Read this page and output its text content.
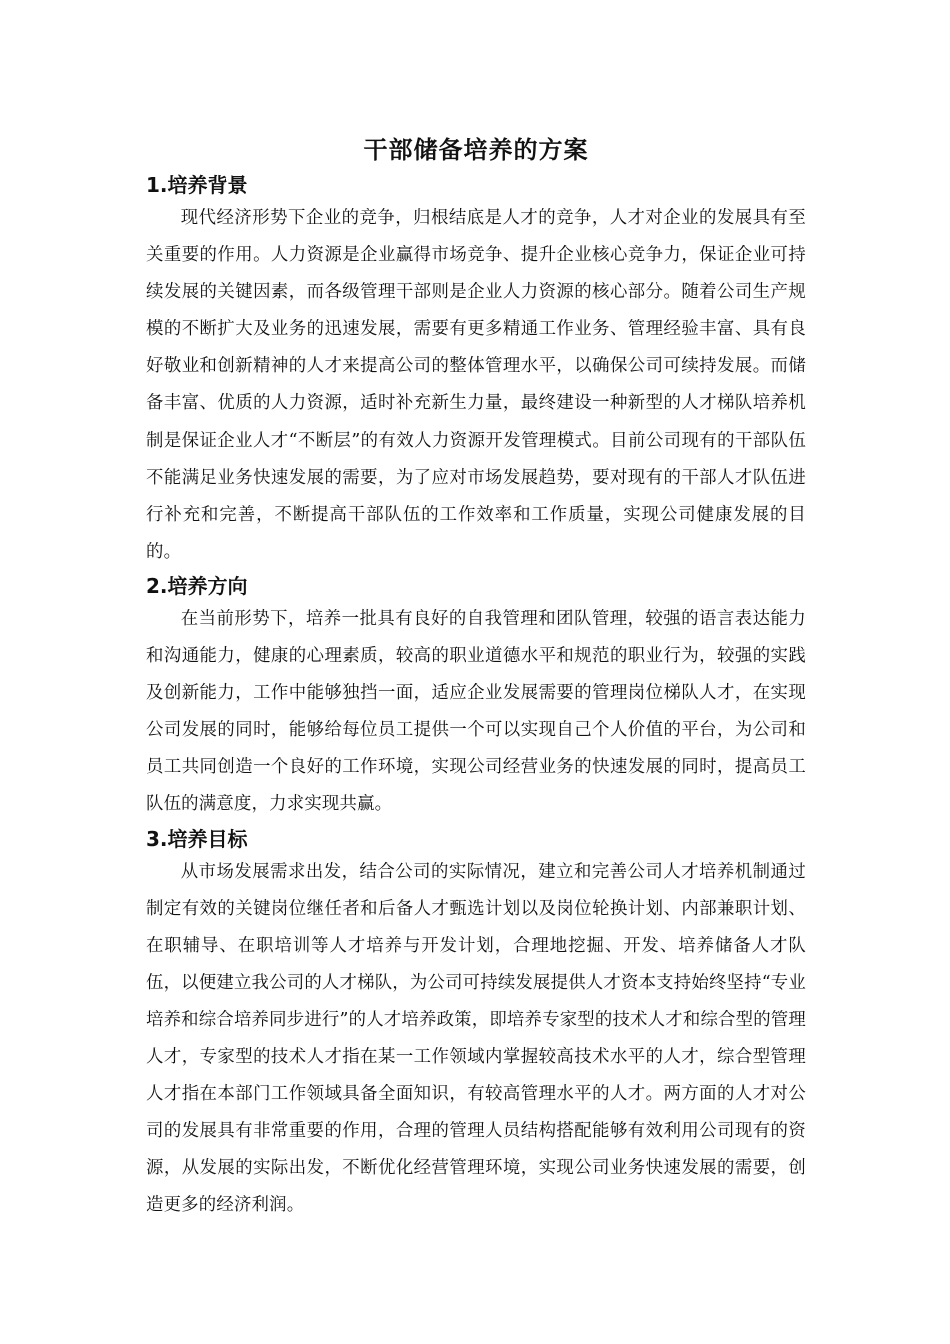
干部储备培养的方案
1.培养背景

现代经济形势下企业的竞争，归根结底是人才的竞争，人才对企业的发展具有至关重要的作用。人力资源是企业赢得市场竞争、提升企业核心竞争力，保证企业可持续发展的关键因素，而各级管理干部则是企业人力资源的核心部分。随着公司生产规模的不断扩大及业务的迅速发展，需要有更多精通工作业务、管理经验丰富、具有良好敬业和创新精神的人才来提高公司的整体管理水平，以确保公司可续持发展。而储备丰富、优质的人力资源，适时补充新生力量，最终建设一种新型的人才梯队培养机制是保证企业人才“不断层”的有效人力资源开发管理模式。目前公司现有的干部队伍不能满足业务快速发展的需要，为了应对市场发展趋势，要对现有的干部人才队伍进行补充和完善，不断提高干部队伍的工作效率和工作质量，实现公司健康发展的目的。

2.培养方向

在当前形势下，培养一批具有良好的自我管理和团队管理，较强的语言表达能力和沟通能力，健康的心理素质，较高的职业道德水平和规范的职业行为，较强的实践及创新能力，工作中能够独挡一面，适应企业发展需要的管理岗位梯队人才，在实现公司发展的同时，能够给每位员工提供一个可以实现自己个人价值的平台，为公司和员工共同创造一个良好的工作环境，实现公司经营业务的快速发展的同时，提高员工队伍的满意度，力求实现共赢。

3.培养目标

从市场发展需求出发，结合公司的实际情况，建立和完善公司人才培养机制通过制定有效的关键岗位继任者和后备人才甄选计划以及岗位轮换计划、内部兼职计划、在职辅导、在职培训等人才培养与开发计划，合理地挖掘、开发、培养储备人才队伍，以便建立我公司的人才梯队，为公司可持续发展提供人才资本支持始终坚持“专业培养和综合培养同步进行”的人才培养政策，即培养专家型的技术人才和综合型的管理人才，专家型的技术人才指在某一工作领域内掌握较高技术水平的人才，综合型管理人才指在本部门工作领域具备全面知识，有较高管理水平的人才。两方面的人才对公司的发展具有非常重要的作用，合理的管理人员结构搭配能够有效利用公司现有的资源，从发展的实际出发，不断优化经营管理环境，实现公司业务快速发展的需要，创造更多的经济利润。
